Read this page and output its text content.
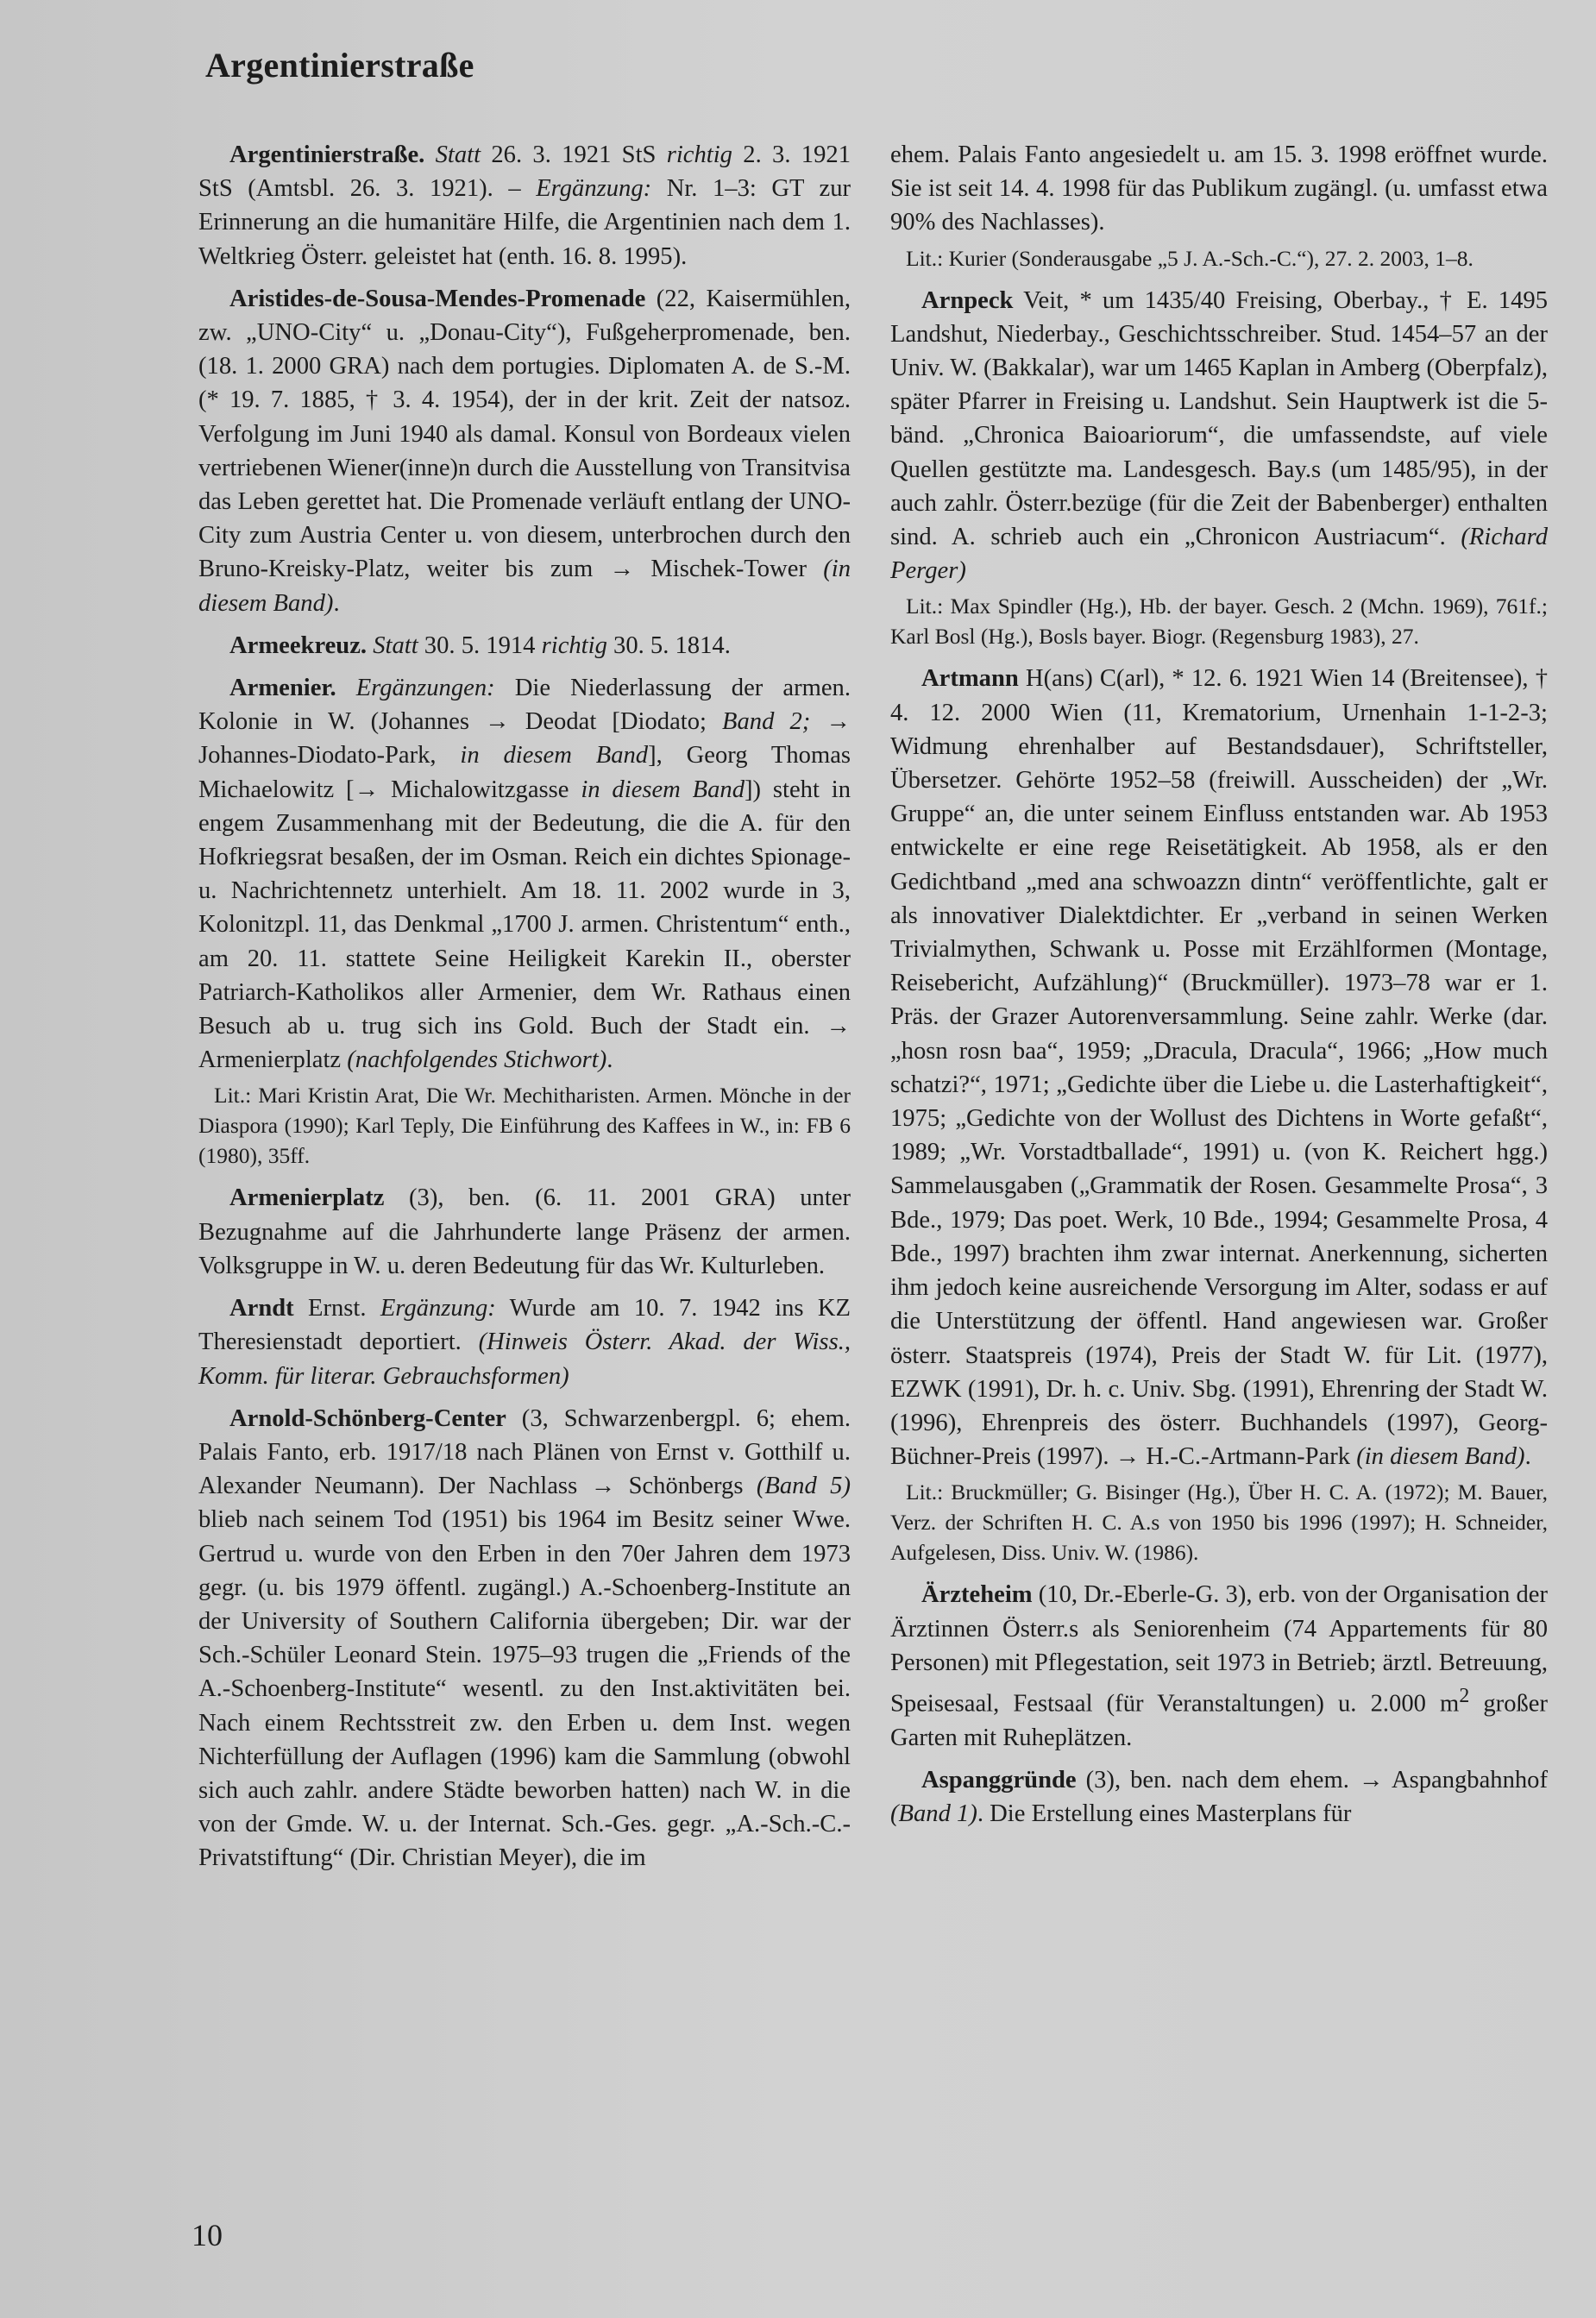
Argentinierstraße

Argentinierstraße. Statt 26. 3. 1921 StS richtig 2. 3. 1921 StS (Amtsbl. 26. 3. 1921). – Ergänzung: Nr. 1–3: GT zur Erinnerung an die humanitäre Hilfe, die Argentinien nach dem 1. Weltkrieg Österr. geleistet hat (enth. 16. 8. 1995).

Aristides-de-Sousa-Mendes-Promenade (22, Kaisermühlen, zw. „UNO-City“ u. „Donau-City“), Fußgeherpromenade, ben. (18. 1. 2000 GRA) nach dem portugies. Diplomaten A. de S.-M. (* 19. 7. 1885, † 3. 4. 1954), der in der krit. Zeit der natsoz. Verfolgung im Juni 1940 als damal. Konsul von Bordeaux vielen vertriebenen Wiener(inne)n durch die Ausstellung von Transitvisa das Leben gerettet hat. Die Promenade verläuft entlang der UNO-City zum Austria Center u. von diesem, unterbrochen durch den Bruno-Kreisky-Platz, weiter bis zum → Mischek-Tower (in diesem Band).

Armeekreuz. Statt 30. 5. 1914 richtig 30. 5. 1814.

Armenier. Ergänzungen: Die Niederlassung der armen. Kolonie in W. (Johannes → Deodat [Diodato; Band 2; → Johannes-Diodato-Park, in diesem Band], Georg Thomas Michaelowitz [→ Michalowitzgasse in diesem Band]) steht in engem Zusammenhang mit der Bedeutung, die die A. für den Hofkriegsrat besaßen, der im Osman. Reich ein dichtes Spionage- u. Nachrichtennetz unterhielt. Am 18. 11. 2002 wurde in 3, Kolonitzpl. 11, das Denkmal „1700 J. armen. Christentum“ enth., am 20. 11. stattete Seine Heiligkeit Karekin II., oberster Patriarch-Katholikos aller Armenier, dem Wr. Rathaus einen Besuch ab u. trug sich ins Gold. Buch der Stadt ein. → Armenierplatz (nachfolgendes Stichwort).

Lit.: Mari Kristin Arat, Die Wr. Mechitharisten. Armen. Mönche in der Diaspora (1990); Karl Teply, Die Einführung des Kaffees in W., in: FB 6 (1980), 35ff.

Armenierplatz (3), ben. (6. 11. 2001 GRA) unter Bezugnahme auf die Jahrhunderte lange Präsenz der armen. Volksgruppe in W. u. deren Bedeutung für das Wr. Kulturleben.

Arndt Ernst. Ergänzung: Wurde am 10. 7. 1942 ins KZ Theresienstadt deportiert. (Hinweis Österr. Akad. der Wiss., Komm. für literar. Gebrauchsformen)

Arnold-Schönberg-Center (3, Schwarzenbergpl. 6; ehem. Palais Fanto, erb. 1917/18 nach Plänen von Ernst v. Gotthilf u. Alexander Neumann). Der Nachlass → Schönbergs (Band 5) blieb nach seinem Tod (1951) bis 1964 im Besitz seiner Wwe. Gertrud u. wurde von den Erben in den 70er Jahren dem 1973 gegr. (u. bis 1979 öffentl. zugängl.) A.-Schoenberg-Institute an der University of Southern California übergeben; Dir. war der Sch.-Schüler Leonard Stein. 1975–93 trugen die „Friends of the A.-Schoenberg-Institute“ wesentl. zu den Inst.aktivitäten bei. Nach einem Rechtsstreit zw. den Erben u. dem Inst. wegen Nichterfüllung der Auflagen (1996) kam die Sammlung (obwohl sich auch zahlr. andere Städte beworben hatten) nach W. in die von der Gmde. W. u. der Internat. Sch.-Ges. gegr. „A.-Sch.-C.-Privatstiftung“ (Dir. Christian Meyer), die im

ehem. Palais Fanto angesiedelt u. am 15. 3. 1998 eröffnet wurde. Sie ist seit 14. 4. 1998 für das Publikum zugängl. (u. umfasst etwa 90% des Nachlasses).

Lit.: Kurier (Sonderausgabe „5 J. A.-Sch.-C.“), 27. 2. 2003, 1–8.

Arnpeck Veit, * um 1435/40 Freising, Oberbay., † E. 1495 Landshut, Niederbay., Geschichtsschreiber. Stud. 1454–57 an der Univ. W. (Bakkalar), war um 1465 Kaplan in Amberg (Oberpfalz), später Pfarrer in Freising u. Landshut. Sein Hauptwerk ist die 5-bänd. „Chronica Baioariorum“, die umfassendste, auf viele Quellen gestützte ma. Landesgesch. Bay.s (um 1485/95), in der auch zahlr. Österr.bezüge (für die Zeit der Babenberger) enthalten sind. A. schrieb auch ein „Chronicon Austriacum“. (Richard Perger)

Lit.: Max Spindler (Hg.), Hb. der bayer. Gesch. 2 (Mchn. 1969), 761f.; Karl Bosl (Hg.), Bosls bayer. Biogr. (Regensburg 1983), 27.

Artmann H(ans) C(arl), * 12. 6. 1921 Wien 14 (Breitensee), † 4. 12. 2000 Wien (11, Krematorium, Urnenhain 1-1-2-3; Widmung ehrenhalber auf Bestandsdauer), Schriftsteller, Übersetzer. Gehörte 1952–58 (freiwill. Ausscheiden) der „Wr. Gruppe“ an, die unter seinem Einfluss entstanden war. Ab 1953 entwickelte er eine rege Reisetätigkeit. Ab 1958, als er den Gedichtband „med ana schwoazzn dintn“ veröffentlichte, galt er als innovativer Dialektdichter. Er „verband in seinen Werken Trivialmythen, Schwank u. Posse mit Erzählformen (Montage, Reisebericht, Aufzählung)“ (Bruckmüller). 1973–78 war er 1. Präs. der Grazer Autorenversammlung. Seine zahlr. Werke (dar. „hosn rosn baa“, 1959; „Dracula, Dracula“, 1966; „How much schatzi?“, 1971; „Gedichte über die Liebe u. die Lasterhaftigkeit“, 1975; „Gedichte von der Wollust des Dichtens in Worte gefaßt“, 1989; „Wr. Vorstadtballade“, 1991) u. (von K. Reichert hgg.) Sammelausgaben („Grammatik der Rosen. Gesammelte Prosa“, 3 Bde., 1979; Das poet. Werk, 10 Bde., 1994; Gesammelte Prosa, 4 Bde., 1997) brachten ihm zwar internat. Anerkennung, sicherten ihm jedoch keine ausreichende Versorgung im Alter, sodass er auf die Unterstützung der öffentl. Hand angewiesen war. Großer österr. Staatspreis (1974), Preis der Stadt W. für Lit. (1977), EZWK (1991), Dr. h. c. Univ. Sbg. (1991), Ehrenring der Stadt W. (1996), Ehrenpreis des österr. Buchhandels (1997), Georg-Büchner-Preis (1997). → H.-C.-Artmann-Park (in diesem Band).

Lit.: Bruckmüller; G. Bisinger (Hg.), Über H. C. A. (1972); M. Bauer, Verz. der Schriften H. C. A.s von 1950 bis 1996 (1997); H. Schneider, Aufgelesen, Diss. Univ. W. (1986).

Ärzteheim (10, Dr.-Eberle-G. 3), erb. von der Organisation der Ärztinnen Österr.s als Seniorenheim (74 Appartements für 80 Personen) mit Pflegestation, seit 1973 in Betrieb; ärztl. Betreuung, Speisesaal, Festsaal (für Veranstaltungen) u. 2.000 $m^2$ großer Garten mit Ruheplätzen.

Aspanggründe (3), ben. nach dem ehem. → Aspangbahnhof (Band 1). Die Erstellung eines Masterplans für

10
